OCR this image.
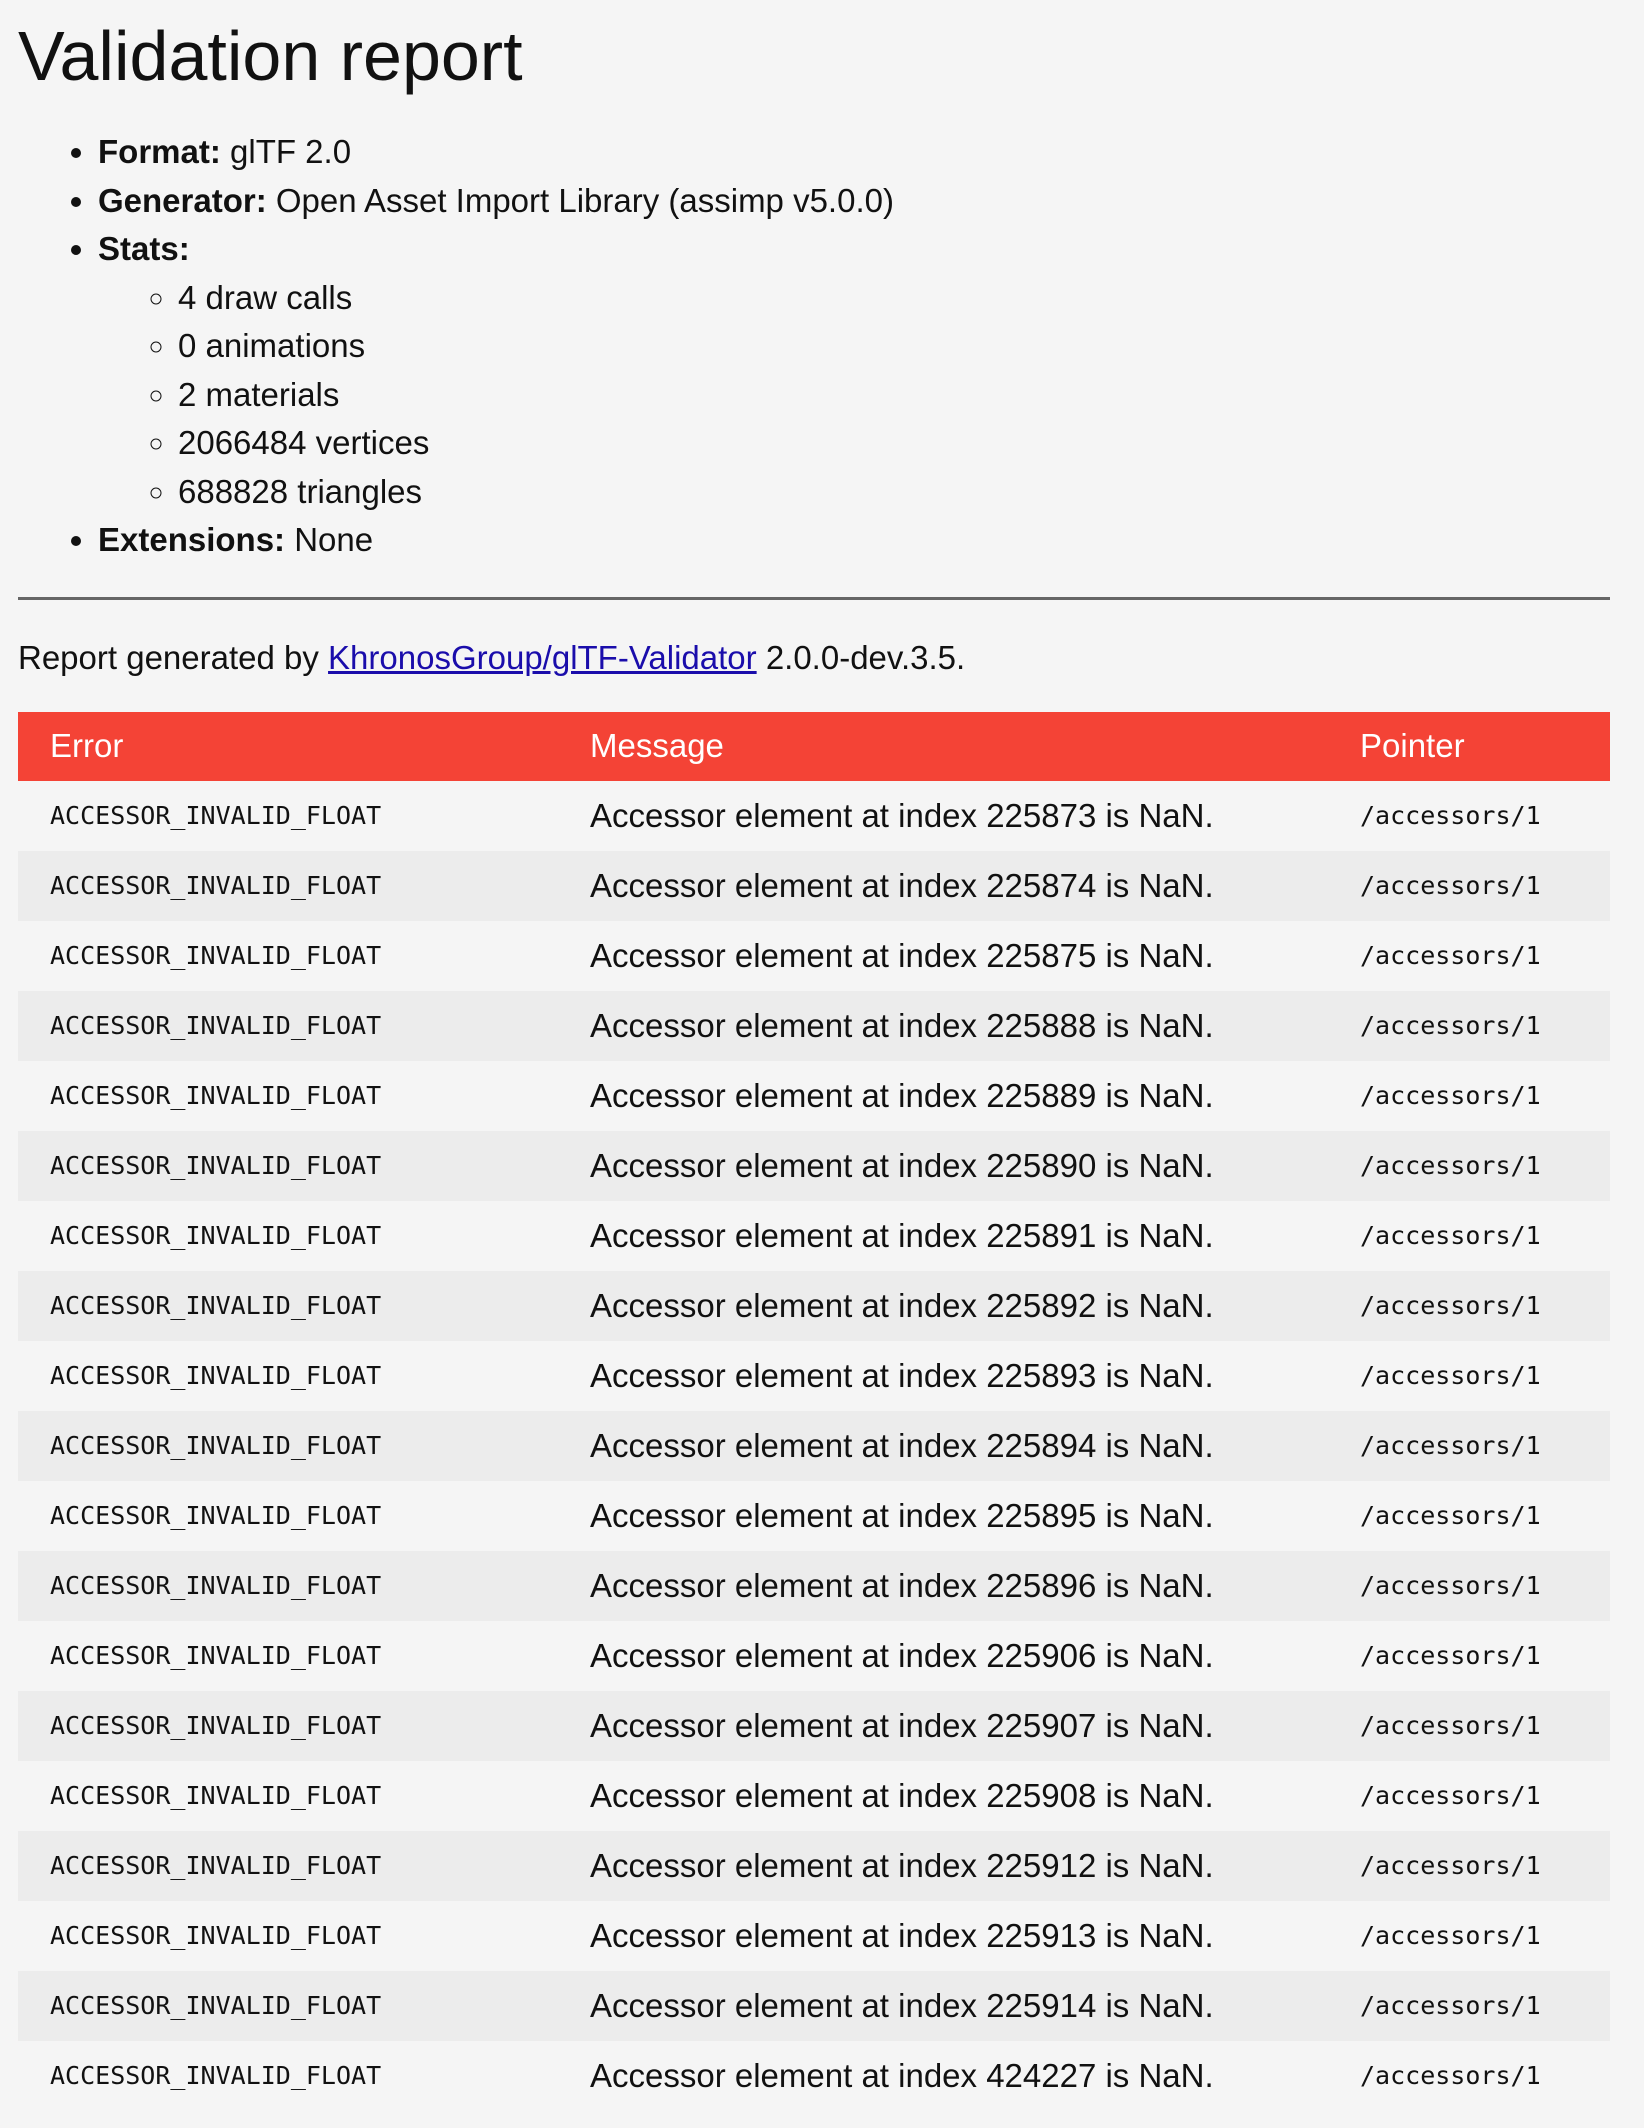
Validation report
• Format: glTF 2.0
• Generator: Open Asset Import Library (assimp v5.0.0)
• Stats:
◦ 4 draw calls
◦ 0 animations
◦ 2 materials
◦ 2066484 vertices
◦ 688828 triangles
• Extensions: None

Report generated by KhronosGroup/glTF-Validator 2.0.0-dev.3.5.

Error	Message	Pointer
ACCESSOR_INVALID_FLOAT	Accessor element at index 225873 is NaN.	/accessors/1
ACCESSOR_INVALID_FLOAT	Accessor element at index 225874 is NaN.	/accessors/1
ACCESSOR_INVALID_FLOAT	Accessor element at index 225875 is NaN.	/accessors/1
ACCESSOR_INVALID_FLOAT	Accessor element at index 225888 is NaN.	/accessors/1
ACCESSOR_INVALID_FLOAT	Accessor element at index 225889 is NaN.	/accessors/1
ACCESSOR_INVALID_FLOAT	Accessor element at index 225890 is NaN.	/accessors/1
ACCESSOR_INVALID_FLOAT	Accessor element at index 225891 is NaN.	/accessors/1
ACCESSOR_INVALID_FLOAT	Accessor element at index 225892 is NaN.	/accessors/1
ACCESSOR_INVALID_FLOAT	Accessor element at index 225893 is NaN.	/accessors/1
ACCESSOR_INVALID_FLOAT	Accessor element at index 225894 is NaN.	/accessors/1
ACCESSOR_INVALID_FLOAT	Accessor element at index 225895 is NaN.	/accessors/1
ACCESSOR_INVALID_FLOAT	Accessor element at index 225896 is NaN.	/accessors/1
ACCESSOR_INVALID_FLOAT	Accessor element at index 225906 is NaN.	/accessors/1
ACCESSOR_INVALID_FLOAT	Accessor element at index 225907 is NaN.	/accessors/1
ACCESSOR_INVALID_FLOAT	Accessor element at index 225908 is NaN.	/accessors/1
ACCESSOR_INVALID_FLOAT	Accessor element at index 225912 is NaN.	/accessors/1
ACCESSOR_INVALID_FLOAT	Accessor element at index 225913 is NaN.	/accessors/1
ACCESSOR_INVALID_FLOAT	Accessor element at index 225914 is NaN.	/accessors/1
ACCESSOR_INVALID_FLOAT	Accessor element at index 424227 is NaN.	/accessors/1
